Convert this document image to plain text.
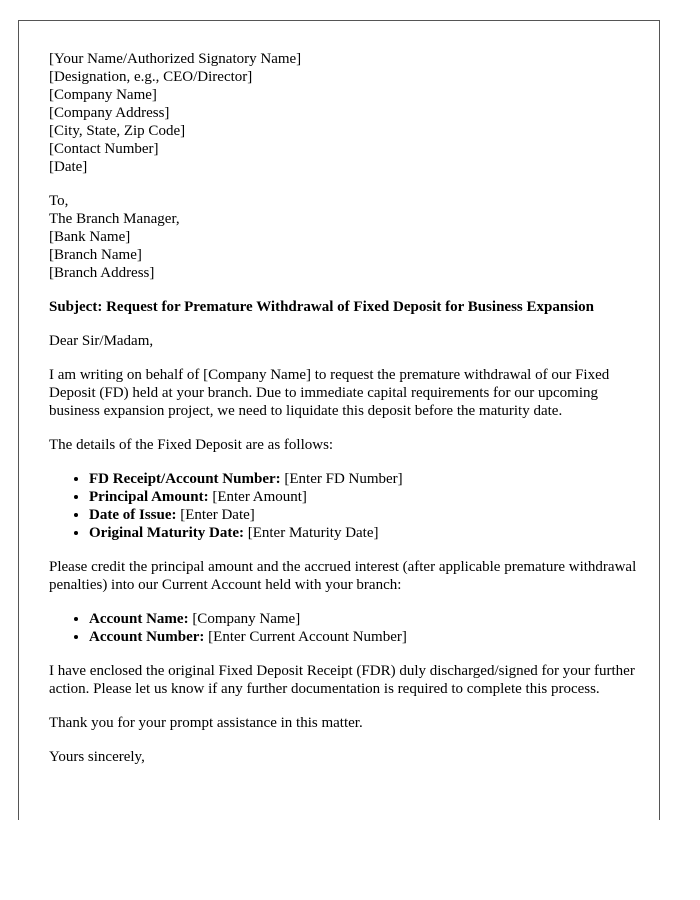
[Your Name/Authorized Signatory Name]
[Designation, e.g., CEO/Director]
[Company Name]
[Company Address]
[City, State, Zip Code]
[Contact Number]
[Date]
To,
The Branch Manager,
[Bank Name]
[Branch Name]
[Branch Address]

Subject: Request for Premature Withdrawal of Fixed Deposit for Business Expansion

Dear Sir/Madam,

I am writing on behalf of [Company Name] to request the premature withdrawal of our Fixed Deposit (FD) held at your branch. Due to immediate capital requirements for our upcoming business expansion project, we need to liquidate this deposit before the maturity date.

The details of the Fixed Deposit are as follows:

• FD Receipt/Account Number: [Enter FD Number]
• Principal Amount: [Enter Amount]
• Date of Issue: [Enter Date]
• Original Maturity Date: [Enter Maturity Date]

Please credit the principal amount and the accrued interest (after applicable premature withdrawal penalties) into our Current Account held with your branch:

• Account Name: [Company Name]
• Account Number: [Enter Current Account Number]

I have enclosed the original Fixed Deposit Receipt (FDR) duly discharged/signed for your further action. Please let us know if any further documentation is required to complete this process.

Thank you for your prompt assistance in this matter.

Yours sincerely,
